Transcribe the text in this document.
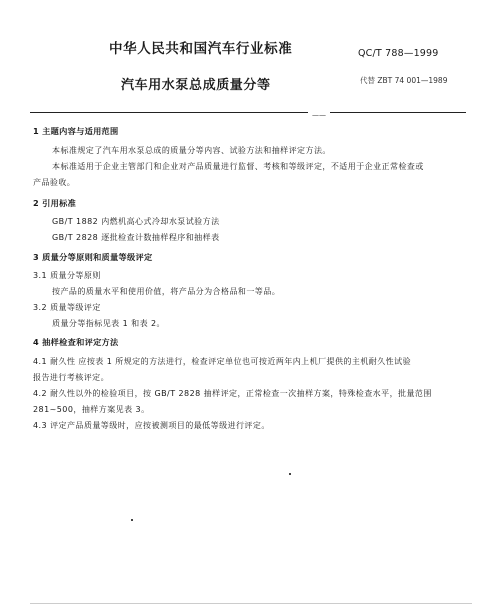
中华人民共和国汽车行业标准	QC/T 788—1999
汽车用水泵总成质量分等	代替 ZBT 74 001—1989
——
1 主题内容与适用范围
本标准规定了汽车用水泵总成的质量分等内容、试验方法和抽样评定方法。
本标准适用于企业主管部门和企业对产品质量进行监督、考核和等级评定，不适用于企业正常检查或
产品验收。
2 引用标准
GB/T 1882 内燃机高心式冷却水泵试验方法
GB/T 2828 逐批检查计数抽样程序和抽样表
3 质量分等原则和质量等级评定
3.1 质量分等原则
按产品的质量水平和使用价值，将产品分为合格品和一等品。
3.2 质量等级评定
质量分等指标见表 1 和表 2。
4 抽样检查和评定方法
4.1 耐久性 应按表 1 所规定的方法进行，检查评定单位也可按近两年内上机厂提供的主机耐久性试验
报告进行考核评定。
4.2 耐久性以外的检验项目，按 GB/T 2828 抽样评定，正常检查一次抽样方案，特殊检查水平，批量范围
281~500，抽样方案见表 3。
4.3 评定产品质量等级时，应按被测项目的最低等级进行评定。
